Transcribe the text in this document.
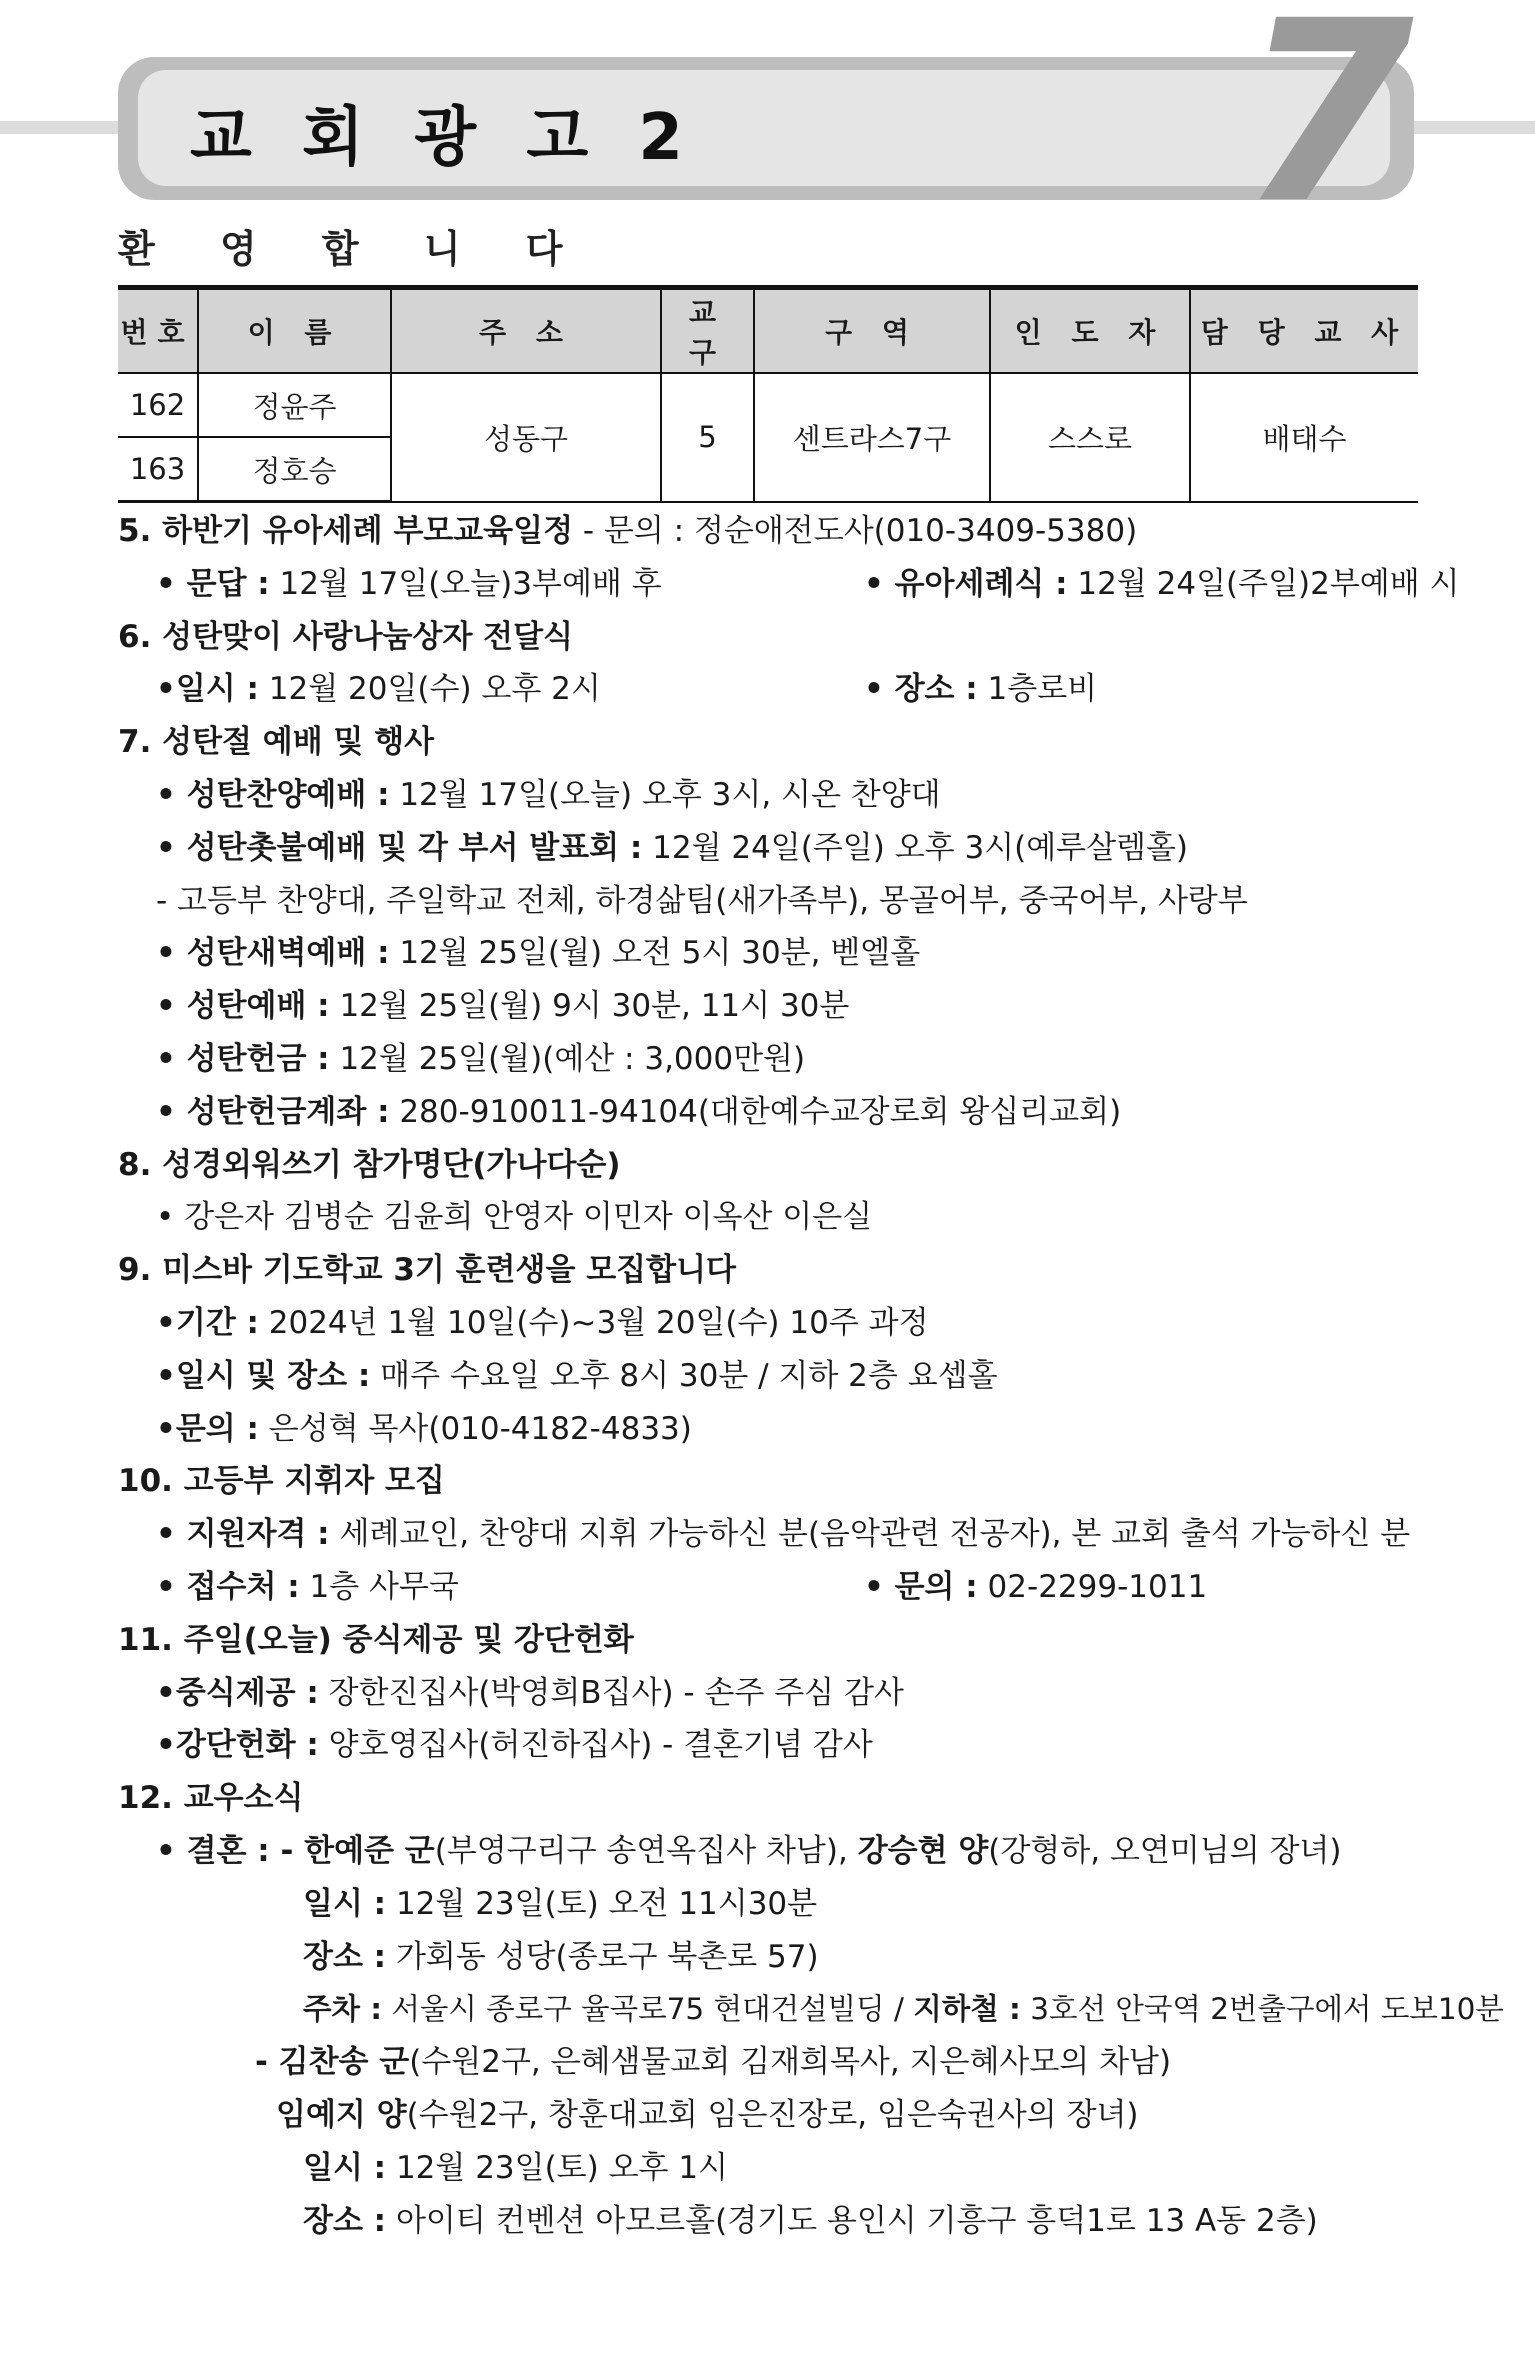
교 회 광 고 2 7
환 영 합 니 다
번호	이 름	주 소	교 구	구 역	인 도 자	담 당 교 사
162	정윤주	성동구	5	센트라스7구	스스로	배태수
163	정호승					
5. 하반기 유아세례 부모교육일정 - 문의 : 정순애전도사(010-3409-5380)
• 문답 : 12월 17일(오늘)3부예배 후	• 유아세례식 : 12월 24일(주일)2부예배 시
6. 성탄맞이 사랑나눔상자 전달식
•일시 : 12월 20일(수) 오후 2시	• 장소 : 1층로비
7. 성탄절 예배 및 행사
• 성탄찬양예배 : 12월 17일(오늘) 오후 3시, 시온 찬양대
• 성탄촛불예배 및 각 부서 발표회 : 12월 24일(주일) 오후 3시(예루살렘홀)
- 고등부 찬양대, 주일학교 전체, 하경삶팀(새가족부), 몽골어부, 중국어부, 사랑부
• 성탄새벽예배 : 12월 25일(월) 오전 5시 30분, 벧엘홀
• 성탄예배 : 12월 25일(월) 9시 30분, 11시 30분
• 성탄헌금 : 12월 25일(월)(예산 : 3,000만원)
• 성탄헌금계좌 : 280-910011-94104(대한예수교장로회 왕십리교회)
8. 성경외워쓰기 참가명단(가나다순)
• 강은자 김병순 김윤희 안영자 이민자 이옥산 이은실
9. 미스바 기도학교 3기 훈련생을 모집합니다
•기간 : 2024년 1월 10일(수)~3월 20일(수) 10주 과정
•일시 및 장소 : 매주 수요일 오후 8시 30분 / 지하 2층 요셉홀
•문의 : 은성혁 목사(010-4182-4833)
10. 고등부 지휘자 모집
• 지원자격 : 세례교인, 찬양대 지휘 가능하신 분(음악관련 전공자), 본 교회 출석 가능하신 분
• 접수처 : 1층 사무국	• 문의 : 02-2299-1011
11. 주일(오늘) 중식제공 및 강단헌화
•중식제공 : 장한진집사(박영희B집사) - 손주 주심 감사
•강단헌화 : 양호영집사(허진하집사) - 결혼기념 감사
12. 교우소식
• 결혼 : - 한예준 군(부영구리구 송연옥집사 차남), 강승현 양(강형하, 오연미님의 장녀)
일시 : 12월 23일(토) 오전 11시30분
장소 : 가회동 성당(종로구 북촌로 57)
주차 : 서울시 종로구 율곡로75 현대건설빌딩 / 지하철 : 3호선 안국역 2번출구에서 도보10분
- 김찬송 군(수원2구, 은혜샘물교회 김재희목사, 지은혜사모의 차남)
임예지 양(수원2구, 창훈대교회 임은진장로, 임은숙권사의 장녀)
일시 : 12월 23일(토) 오후 1시
장소 : 아이티 컨벤션 아모르홀(경기도 용인시 기흥구 흥덕1로 13 A동 2층)
